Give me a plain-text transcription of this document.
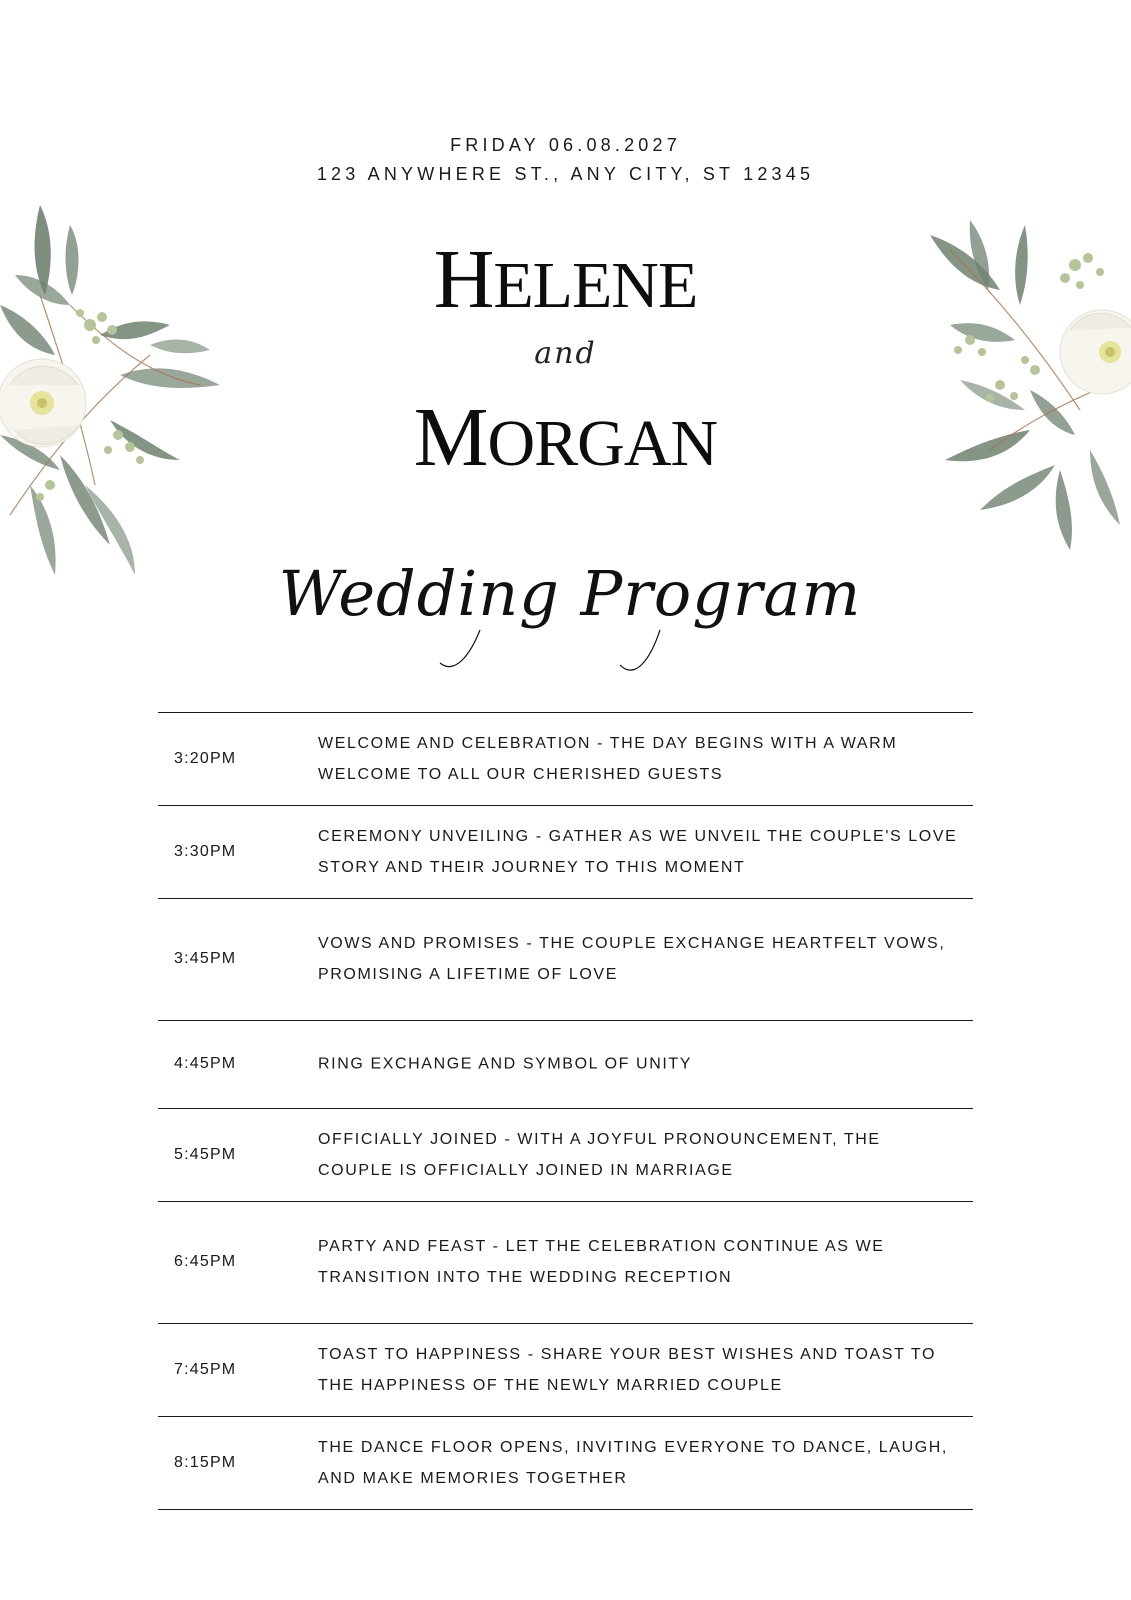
FRIDAY 06.08.2027
123 ANYWHERE ST., ANY CITY, ST 12345
HELENE
and
MORGAN
Wedding Program
3:20PM
WELCOME AND CELEBRATION - THE DAY BEGINS WITH A WARM WELCOME TO ALL OUR CHERISHED GUESTS
3:30PM
CEREMONY UNVEILING - GATHER AS WE UNVEIL THE COUPLE'S LOVE STORY AND THEIR JOURNEY TO THIS MOMENT
3:45PM
VOWS AND PROMISES - THE COUPLE EXCHANGE HEARTFELT VOWS, PROMISING A LIFETIME OF LOVE
4:45PM	RING EXCHANGE AND SYMBOL OF UNITY
5:45PM
OFFICIALLY JOINED - WITH A JOYFUL PRONOUNCEMENT, THE COUPLE IS OFFICIALLY JOINED IN MARRIAGE
6:45PM
PARTY AND FEAST - LET THE CELEBRATION CONTINUE AS WE TRANSITION INTO THE WEDDING RECEPTION
7:45PM
TOAST TO HAPPINESS - SHARE YOUR BEST WISHES AND TOAST TO THE HAPPINESS OF THE NEWLY MARRIED COUPLE
8:15PM
THE DANCE FLOOR OPENS, INVITING EVERYONE TO DANCE, LAUGH, AND MAKE MEMORIES TOGETHER
